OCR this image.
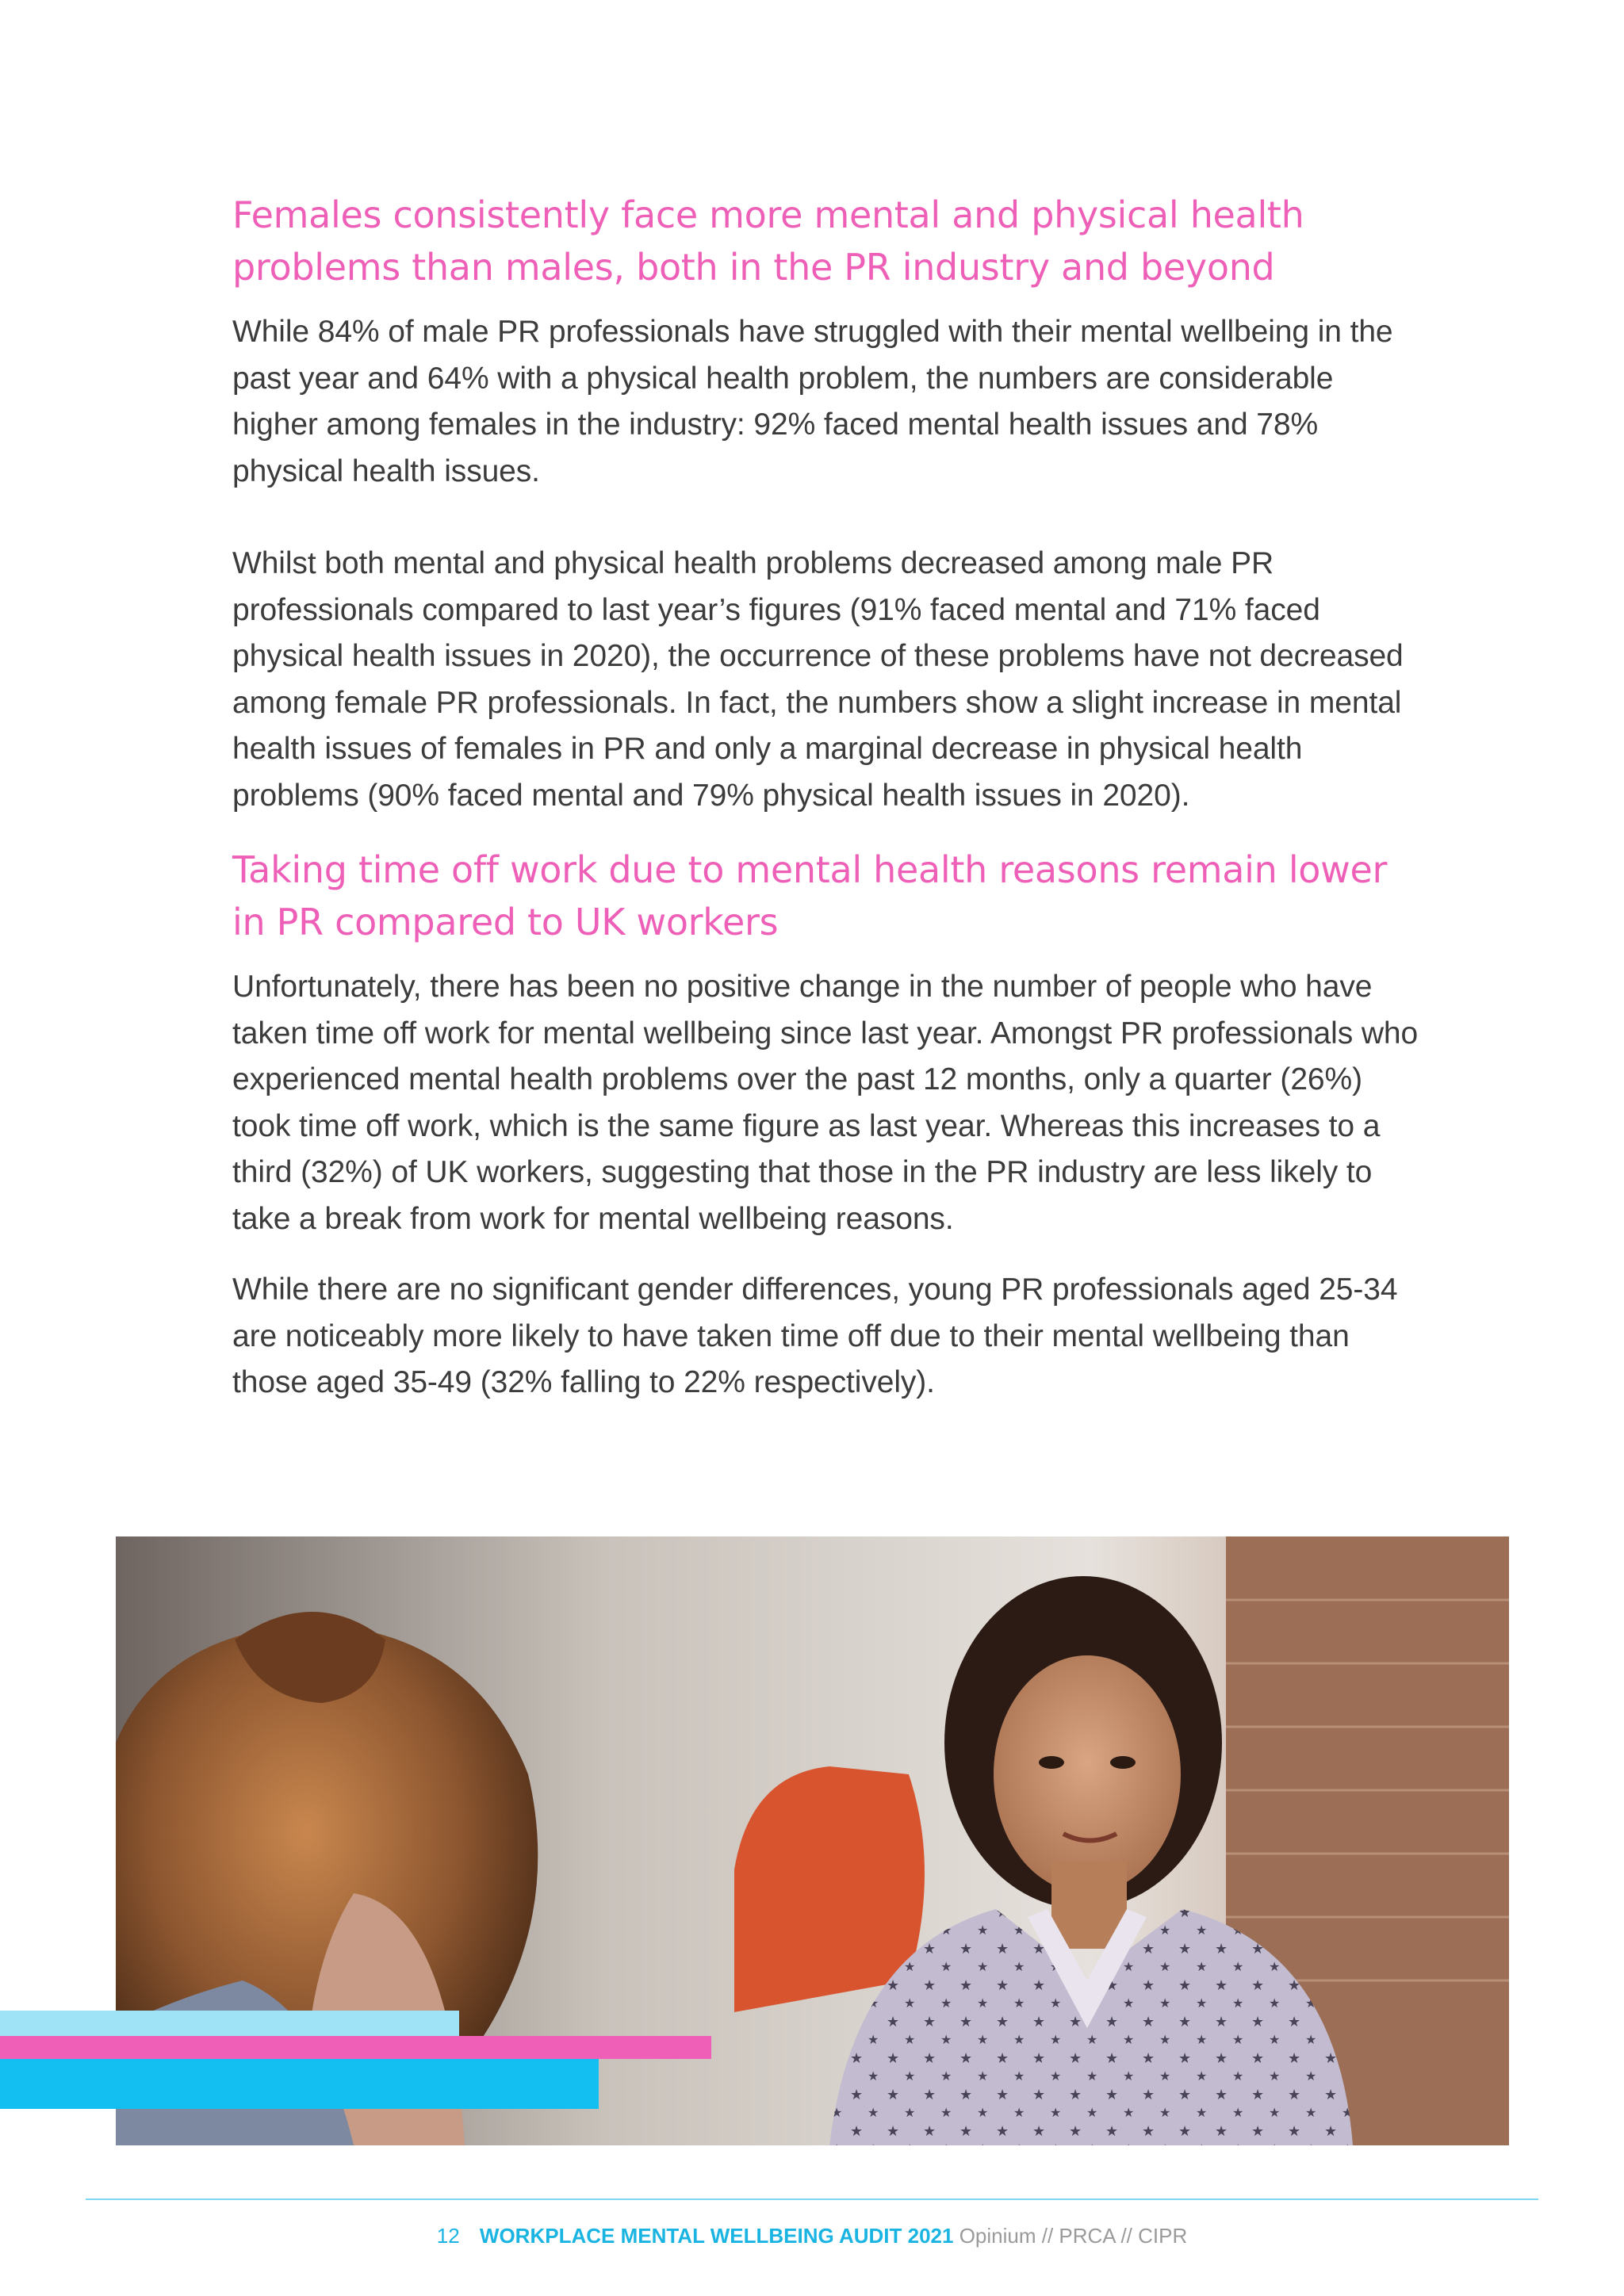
Females consistently face more mental and physical health problems than males, both in the PR industry and beyond

While 84% of male PR professionals have struggled with their mental wellbeing in the past year and 64% with a physical health problem, the numbers are considerable higher among females in the industry: 92% faced mental health issues and 78% physical health issues.

Whilst both mental and physical health problems decreased among male PR professionals compared to last year’s figures (91% faced mental and 71% faced physical health issues in 2020), the occurrence of these problems have not decreased among female PR professionals. In fact, the numbers show a slight increase in mental health issues of females in PR and only a marginal decrease in physical health problems (90% faced mental and 79% physical health issues in 2020).

Taking time off work due to mental health reasons remain lower in PR compared to UK workers

Unfortunately, there has been no positive change in the number of people who have taken time off work for mental wellbeing since last year. Amongst PR professionals who experienced mental health problems over the past 12 months, only a quarter (26%) took time off work, which is the same figure as last year. Whereas this increases to a third (32%) of UK workers, suggesting that those in the PR industry are less likely to take a break from work for mental wellbeing reasons.

While there are no significant gender differences, young PR professionals aged 25-34 are noticeably more likely to have taken time off due to their mental wellbeing than those aged 35-49 (32% falling to 22% respectively).

12 WORKPLACE MENTAL WELLBEING AUDIT 2021 Opinium // PRCA // CIPR
